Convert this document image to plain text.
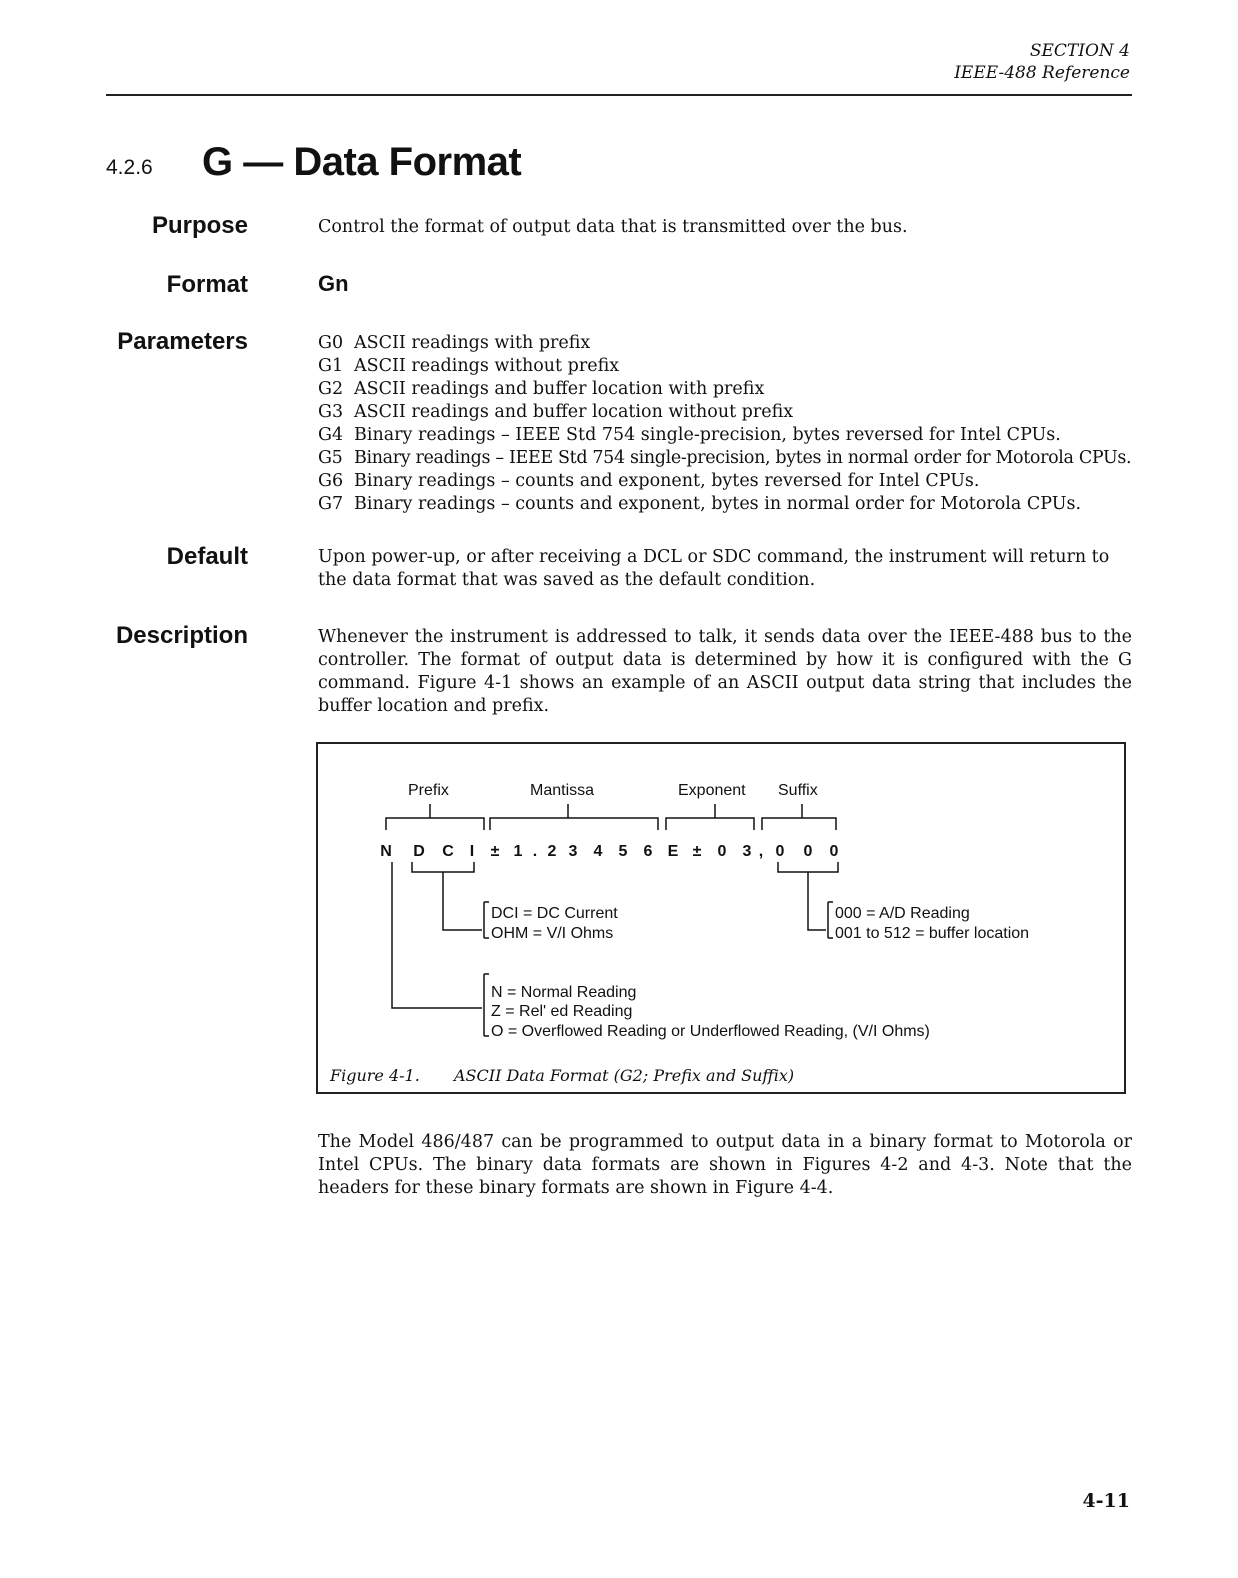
SECTION 4
IEEE-488 Reference
4.2.6 G — Data Format
Purpose	Control the format of output data that is transmitted over the bus.
Format	Gn
Parameters	G0 ASCII readings with prefix
G1 ASCII readings without prefix
G2 ASCII readings and buffer location with prefix
G3 ASCII readings and buffer location without prefix
G4 Binary readings – IEEE Std 754 single-precision, bytes reversed for Intel CPUs.
G5 Binary readings – IEEE Std 754 single-precision, bytes in normal order for Motorola CPUs.
G6 Binary readings – counts and exponent, bytes reversed for Intel CPUs.
G7 Binary readings – counts and exponent, bytes in normal order for Motorola CPUs.
Default	Upon power-up, or after receiving a DCL or SDC command, the instrument will return to the data format that was saved as the default condition.
Description	Whenever the instrument is addressed to talk, it sends data over the IEEE-488 bus to the controller. The format of output data is determined by how it is configured with the G command. Figure 4-1 shows an example of an ASCII output data string that includes the buffer location and prefix.
Prefix	Mantissa	Exponent Suffix
N D C I ± 1 . 2 3 4 5 6 E ± 0 3 , 0 0 0
DCI = DC Current
OHM = V/I Ohms
000 = A/D Reading
001 to 512 = buffer location
N = Normal Reading
Z = Rel' ed Reading
O = Overflowed Reading or Underflowed Reading, (V/I Ohms)
Figure 4-1. ASCII Data Format (G2; Prefix and Suffix)
The Model 486/487 can be programmed to output data in a binary format to Motorola or Intel CPUs. The binary data formats are shown in Figures 4-2 and 4-3. Note that the headers for these binary formats are shown in Figure 4-4.
4-11
